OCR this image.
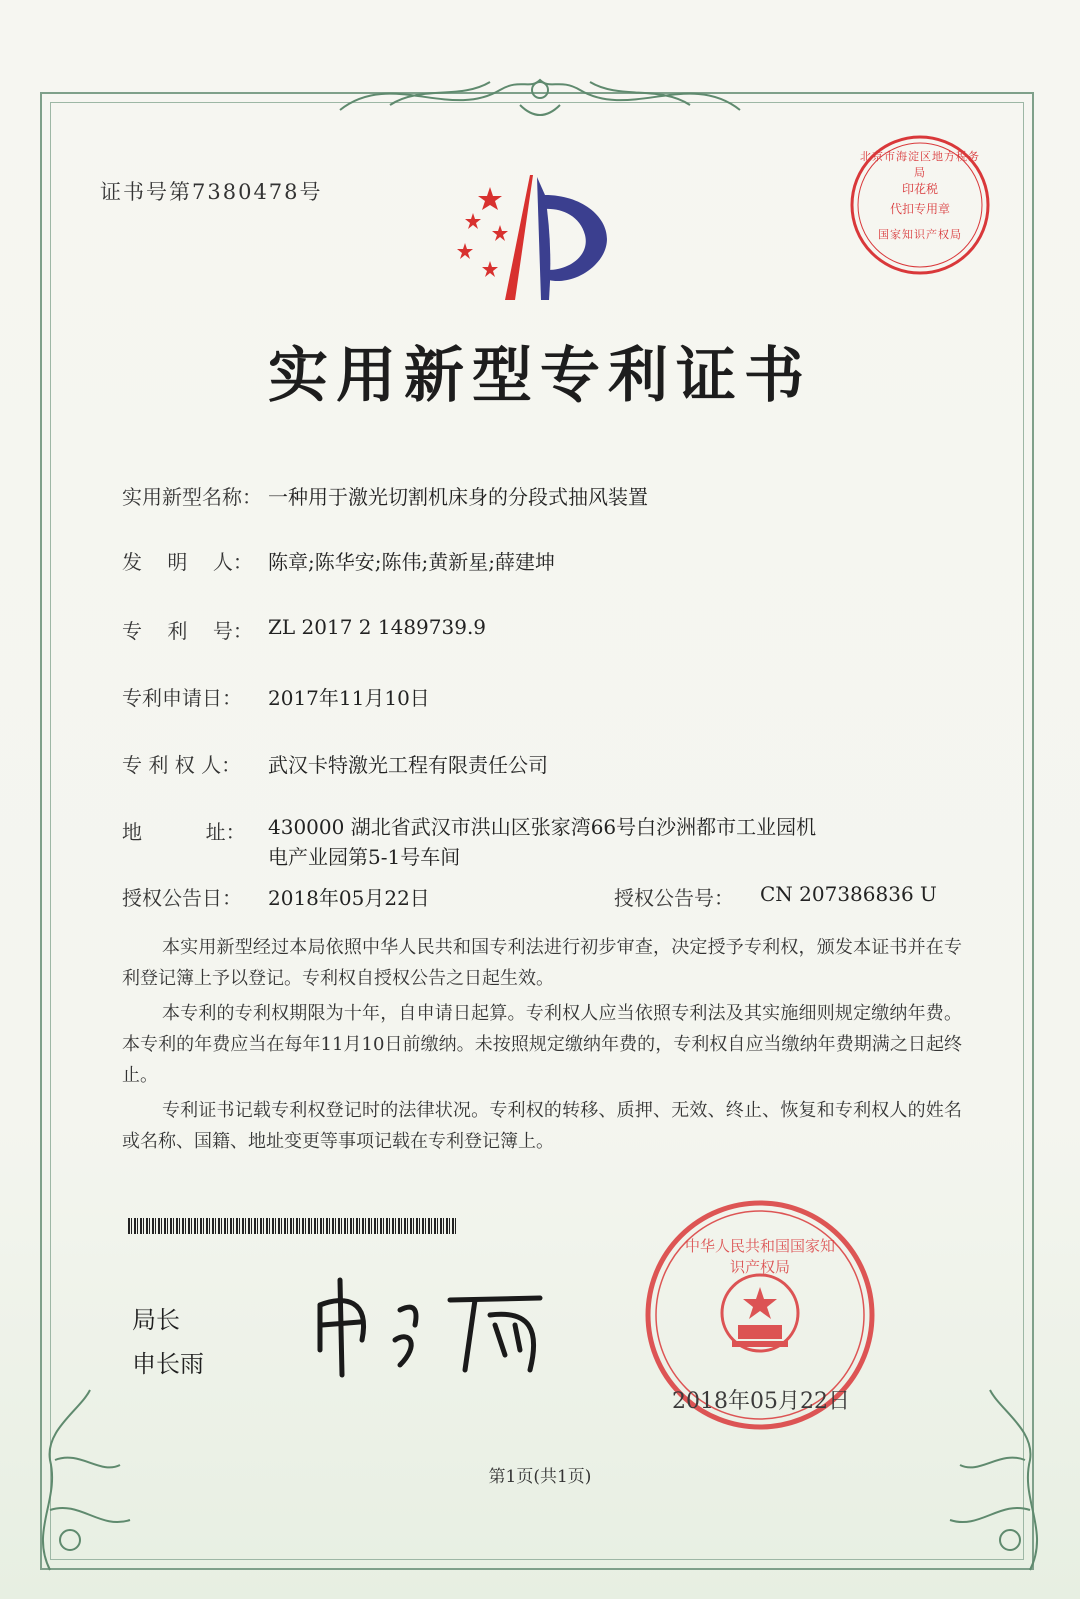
证书号第7380478号
北京市海淀区地方税务局
印花税
代扣专用章
国家知识产权局
实用新型专利证书
实用新型名称： 一种用于激光切割机床身的分段式抽风装置
发    明    人： 陈章;陈华安;陈伟;黄新星;薛建坤
专    利    号： ZL 2017 2 1489739.9
专利申请日： 2017年11月10日
专 利 权 人： 武汉卡特激光工程有限责任公司
地          址： 430000 湖北省武汉市洪山区张家湾66号白沙洲都市工业园机电产业园第5-1号车间
授权公告日： 2018年05月22日	授权公告号： CN 207386836 U
本实用新型经过本局依照中华人民共和国专利法进行初步审查，决定授予专利权，颁发本证书并在专利登记簿上予以登记。专利权自授权公告之日起生效。
本专利的专利权期限为十年，自申请日起算。专利权人应当依照专利法及其实施细则规定缴纳年费。本专利的年费应当在每年11月10日前缴纳。未按照规定缴纳年费的，专利权自应当缴纳年费期满之日起终止。
专利证书记载专利权登记时的法律状况。专利权的转移、质押、无效、终止、恢复和专利权人的姓名或名称、国籍、地址变更等事项记载在专利登记簿上。
局长
申长雨
中华人民共和国国家知识产权局
2018年05月22日
第1页(共1页)
